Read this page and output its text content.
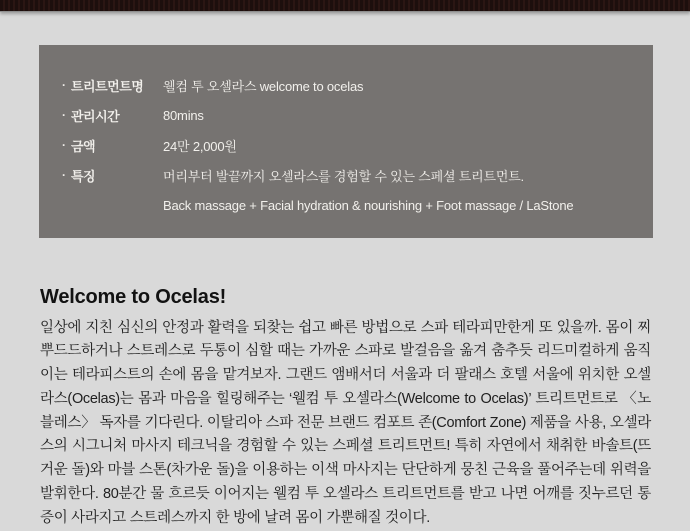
· 트리트먼트명	웰컴 투 오셀라스 welcome to ocelas
· 관리시간	80mins
· 금액	24만 2,000원
· 특징	머리부터 발끝까지 오셀라스를 경험할 수 있는 스페셜 트리트먼트.
Back massage + Facial hydration & nourishing + Foot massage / LaStone
Welcome to Ocelas!

일상에 지친 심신의 안정과 활력을 되찾는 쉽고 빠른 방법으로 스파 테라피만한게 또 있을까. 몸이 찌뿌드드하거나 스트레스로 두통이 심할 때는 가까운 스파로 발걸음을 옮겨 춤추듯 리드미컬하게 움직이는 테라피스트의 손에 몸을 맡겨보자. 그랜드 앰배서더 서울과 더 팔래스 호텔 서울에 위치한 오셀라스(Ocelas)는 몸과 마음을 힐링해주는 ‘웰컴 투 오셀라스(Welcome to Ocelas)’ 트리트먼트로 〈노블레스〉 독자를 기다린다. 이탈리아 스파 전문 브랜드 컴포트 존(Comfort Zone) 제품을 사용, 오셀라스의 시그니처 마사지 테크닉을 경험할 수 있는 스페셜 트리트먼트! 특히 자연에서 채취한 바솔트(뜨거운 돌)와 마블 스톤(차가운 돌)을 이용하는 이색 마사지는 단단하게 뭉친 근육을 풀어주는데 위력을 발휘한다. 80분간 물 흐르듯 이어지는 웰컴 투 오셀라스 트리트먼트를 받고 나면 어깨를 짓누르던 통증이 사라지고 스트레스까지 한 방에 날려 몸이 가뿐해질 것이다.
